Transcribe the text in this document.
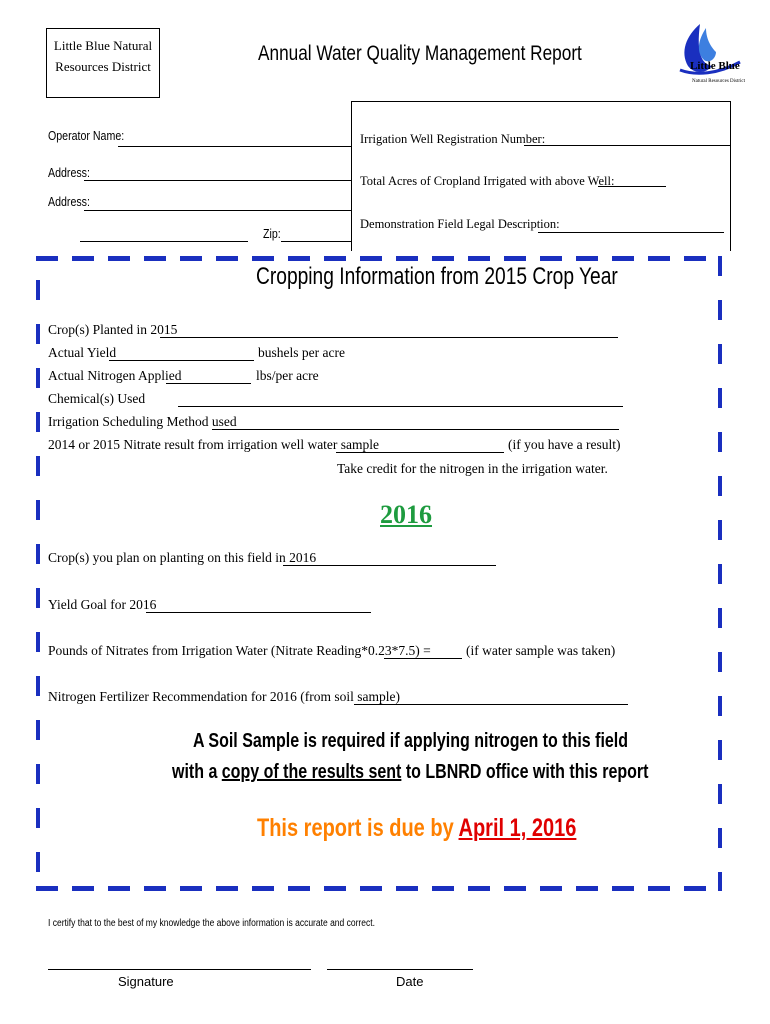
Little Blue Natural
Resources District
Annual Water Quality Management Report
Little Blue
Natural Resources District
Operator Name:
Address:
Address:
Zip:
Irrigation Well Registration Number:
Total Acres of Cropland Irrigated with above Well:
Demonstration Field Legal Description:
Cropping Information from 2015 Crop Year
Crop(s) Planted in 2015
Actual Yield	bushels per acre
Actual Nitrogen Applied	lbs/per acre
Chemical(s) Used
Irrigation Scheduling Method used
2014 or 2015 Nitrate result from irrigation well water sample	(if you have a result)
Take credit for the nitrogen in the irrigation water.
2016
Crop(s) you plan on planting on this field in 2016
Yield Goal for 2016
Pounds of Nitrates from Irrigation Water (Nitrate Reading*0.23*7.5) =	(if water sample was taken)
Nitrogen Fertilizer Recommendation for 2016 (from soil sample)
A Soil Sample is required if applying nitrogen to this field
with a copy of the results sent to LBNRD office with this report
This report is due by April 1, 2016
I certify that to the best of my knowledge the above information is accurate and correct.
Signature	Date
